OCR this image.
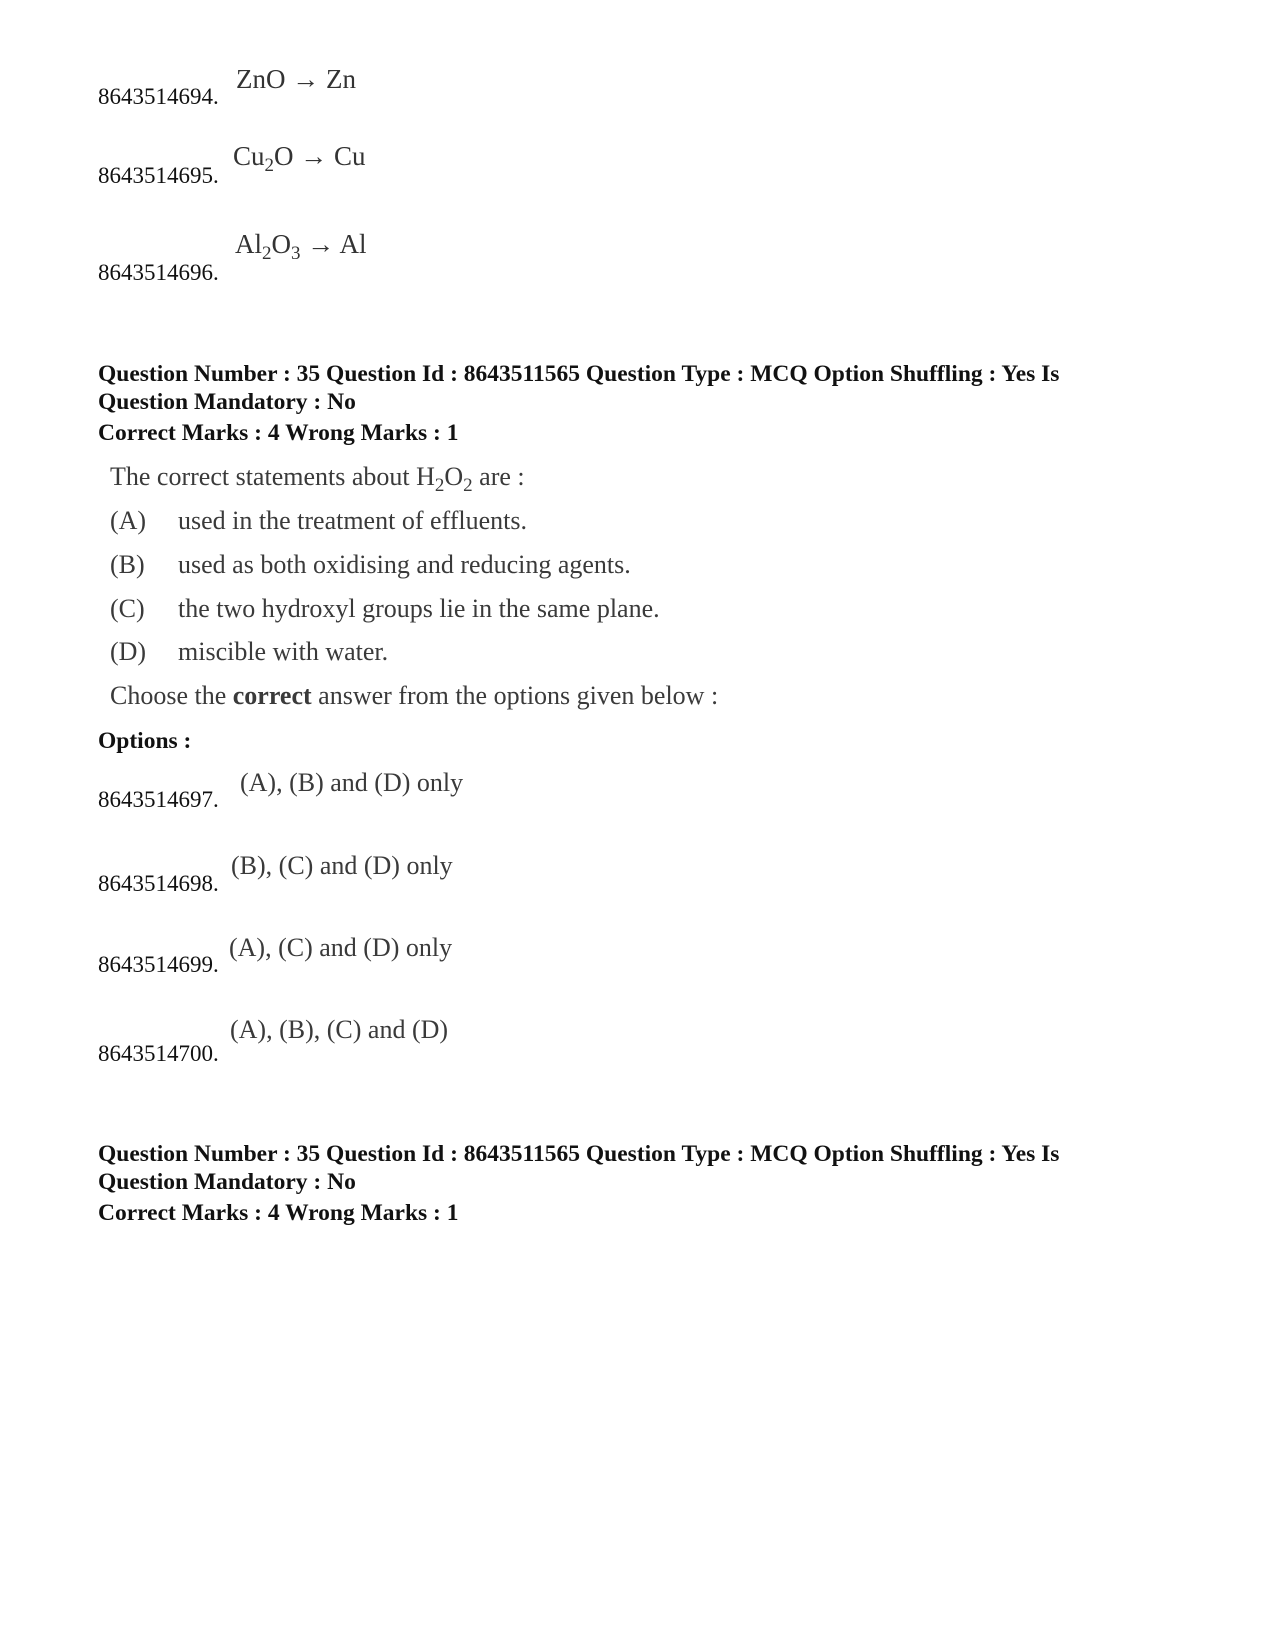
8643514694.
ZnO → Zn
8643514695.
$Cu_2O \to Cu$
8643514696.
$Al_2O_3 \to Al$
Question Number : 35 Question Id : 8643511565 Question Type : MCQ Option Shuffling : Yes Is
Question Mandatory : No
Correct Marks : 4 Wrong Marks : 1
The correct statements about $H_2O_2$ are :
(A) used in the treatment of effluents.
(B) used as both oxidising and reducing agents.
(C) the two hydroxyl groups lie in the same plane.
(D) miscible with water.
Choose the correct answer from the options given below :
Options :
8643514697.
(A), (B) and (D) only
8643514698.
(B), (C) and (D) only
8643514699.
(A), (C) and (D) only
8643514700.
(A), (B), (C) and (D)
Question Number : 35 Question Id : 8643511565 Question Type : MCQ Option Shuffling : Yes Is
Question Mandatory : No
Correct Marks : 4 Wrong Marks : 1
